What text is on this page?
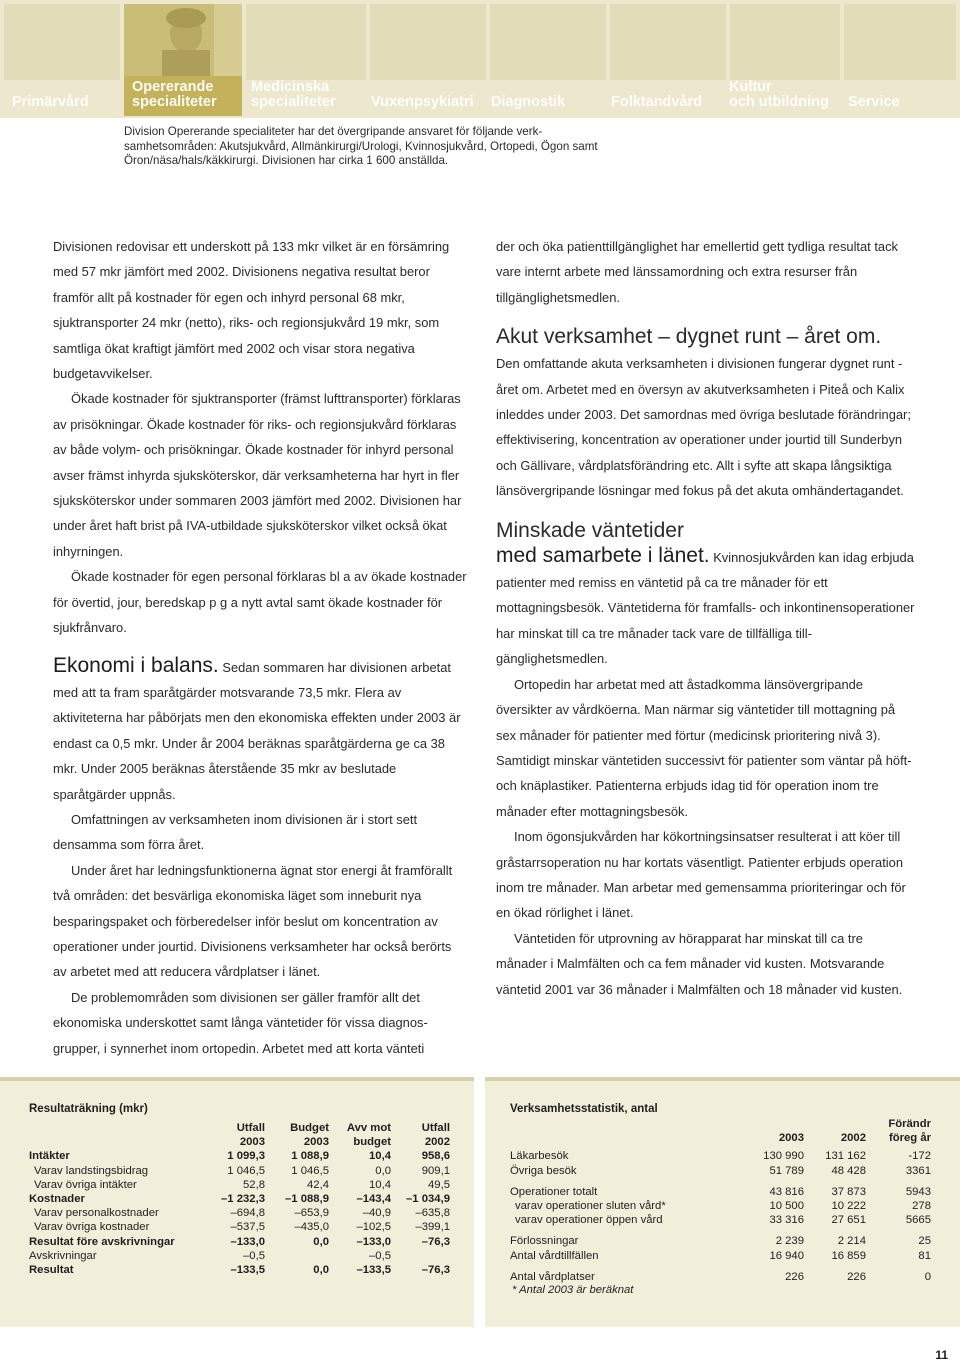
Primärvård
Opererande
specialiteter
Medicinska
specialiteter Vuxenpsykiatri Diagnostik	Folktandvård
Kultur
och utbildning Service

Division Opererande specialiteter har det övergripande ansvaret för följande verksamhetsområden: Akutsjukvård, Allmänkirurgi/Urologi, Kvinnosjukvård, Ortopedi, Ögon samt Öron/näsa/hals/käkkirurgi. Divisionen har cirka 1 600 anställda.

Divisionen redovisar ett underskott på 133 mkr vilket är en försämring med 57 mkr jämfört med 2002. Divisionens negativa resultat beror framför allt på kostnader för egen och inhyrd personal 68 mkr, sjuktransporter 24 mkr (netto), riks- och regionsjukvård 19 mkr, som samtliga ökat kraftigt jämfört med 2002 och visar stora negativa budgetavvikelser.

Ökade kostnader för sjuktransporter (främst lufttransporter) förklaras av prisökningar. Ökade kostnader för riks- och regionsjukvård förklaras av både volym- och prisökningar. Ökade kostnader för inhyrd personal avser främst inhyrda sjuksköterskor, där verksamheterna har hyrt in fler sjuksköterskor under sommaren 2003 jämfört med 2002. Divisionen har under året haft brist på IVA-utbildade sjuksköterskor vilket också ökat inhyrningen.

Ökade kostnader för egen personal förklaras bl a av ökade kostnader för övertid, jour, beredskap p g a nytt avtal samt ökade kostnader för sjukfrånvaro.

Ekonomi i balans. Sedan sommaren har divisionen arbetat med att ta fram sparåtgärder motsvarande 73,5 mkr. Flera av aktiviteterna har påbörjats men den ekonomiska effekten under 2003 är endast ca 0,5 mkr. Under år 2004 beräknas sparåtgärderna ge ca 38 mkr. Under 2005 beräknas återstående 35 mkr av beslutade sparåtgärder uppnås.

Omfattningen av verksamheten inom divisionen är i stort sett densamma som förra året.

Under året har ledningsfunktionerna ägnat stor energi åt framförallt två områden: det besvärliga ekonomiska läget som inneburit nya besparingspaket och förberedelser inför beslut om koncentration av operationer under jourtid. Divisionens verksamheter har också berörts av arbetet med att reducera vårdplatser i länet.

De problemområden som divisionen ser gäller framför allt det ekonomiska underskottet samt långa väntetider för vissa diagnosgrupper, i synnerhet inom ortopedin. Arbetet med att korta vänteti

der och öka patienttillgänglighet har emellertid gett tydliga resultat tack vare internt arbete med länssamordning och extra resurser från tillgänglighetsmedlen.

Akut verksamhet – dygnet runt – året om.

Den omfattande akuta verksamheten i divisionen fungerar dygnet runt - året om. Arbetet med en översyn av akutverksamheten i Piteå och Kalix inleddes under 2003. Det samordnas med övriga beslutade förändringar; effektivisering, koncentration av operationer under jourtid till Sunderbyn och Gällivare, vårdplatsförändring etc. Allt i syfte att skapa långsiktiga länsövergripande lösningar med fokus på det akuta omhändertagandet.

Minskade väntetider

med samarbete i länet. Kvinnosjukvården kan idag erbjuda patienter med remiss en väntetid på ca tre månader för ett mottagningsbesök. Väntetiderna för framfalls- och inkontinensoperationer har minskat till ca tre månader tack vare de tillfälliga tillgänglighetsmedlen.

Ortopedin har arbetat med att åstadkomma länsövergripande översikter av vårdköerna. Man närmar sig väntetider till mottagning på sex månader för patienter med förtur (medicinsk prioritering nivå 3). Samtidigt minskar väntetiden successivt för patienter som väntar på höft- och knäplastiker. Patienterna erbjuds idag tid för operation inom tre månader efter mottagningsbesök.

Inom ögonsjukvården har kökortningsinsatser resulterat i att köer till gråstarrsoperation nu har kortats väsentligt. Patienter erbjuds operation inom tre månader. Man arbetar med gemensamma prioriteringar och för en ökad rörlighet i länet.

Väntetiden för utprovning av hörapparat har minskat till ca tre månader i Malmfälten och ca fem månader vid kusten. Motsvarande väntetid 2001 var 36 månader i Malmfälten och 18 månader vid kusten.

Resultaträkning (mkr)
	Utfall
2003	Budget
2003	Avv mot
budget	Utfall
2002
Intäkter	1 099,3	1 088,9	10,4	958,6
Varav landstingsbidrag	1 046,5	1 046,5	0,0	909,1
Varav övriga intäkter	52,8	42,4	10,4	49,5
Kostnader	–1 232,3	–1 088,9	–143,4	–1 034,9
Varav personalkostnader	–694,8	–653,9	–40,9	–635,8
Varav övriga kostnader	–537,5	–435,0	–102,5	–399,1
Resultat före avskrivningar	–133,0	0,0	–133,0	–76,3
Avskrivningar	–0,5		–0,5	
Resultat	–133,5	0,0	–133,5	–76,3
Verksamhetsstatistik, antal

2003	2002	Förändr
föreg år
Läkarbesök	130 990	131 162	-172
Övriga besök	51 789	48 428	3361
Operationer totalt	43 816	37 873	5943
varav operationer sluten vård*	10 500	10 222	278
varav operationer öppen vård	33 316	27 651	5665
Förlossningar	2 239	2 214	25
Antal vårdtillfällen	16 940	16 859	81
Antal vårdplatser	226	226	0
* Antal 2003 är beräknat
11
